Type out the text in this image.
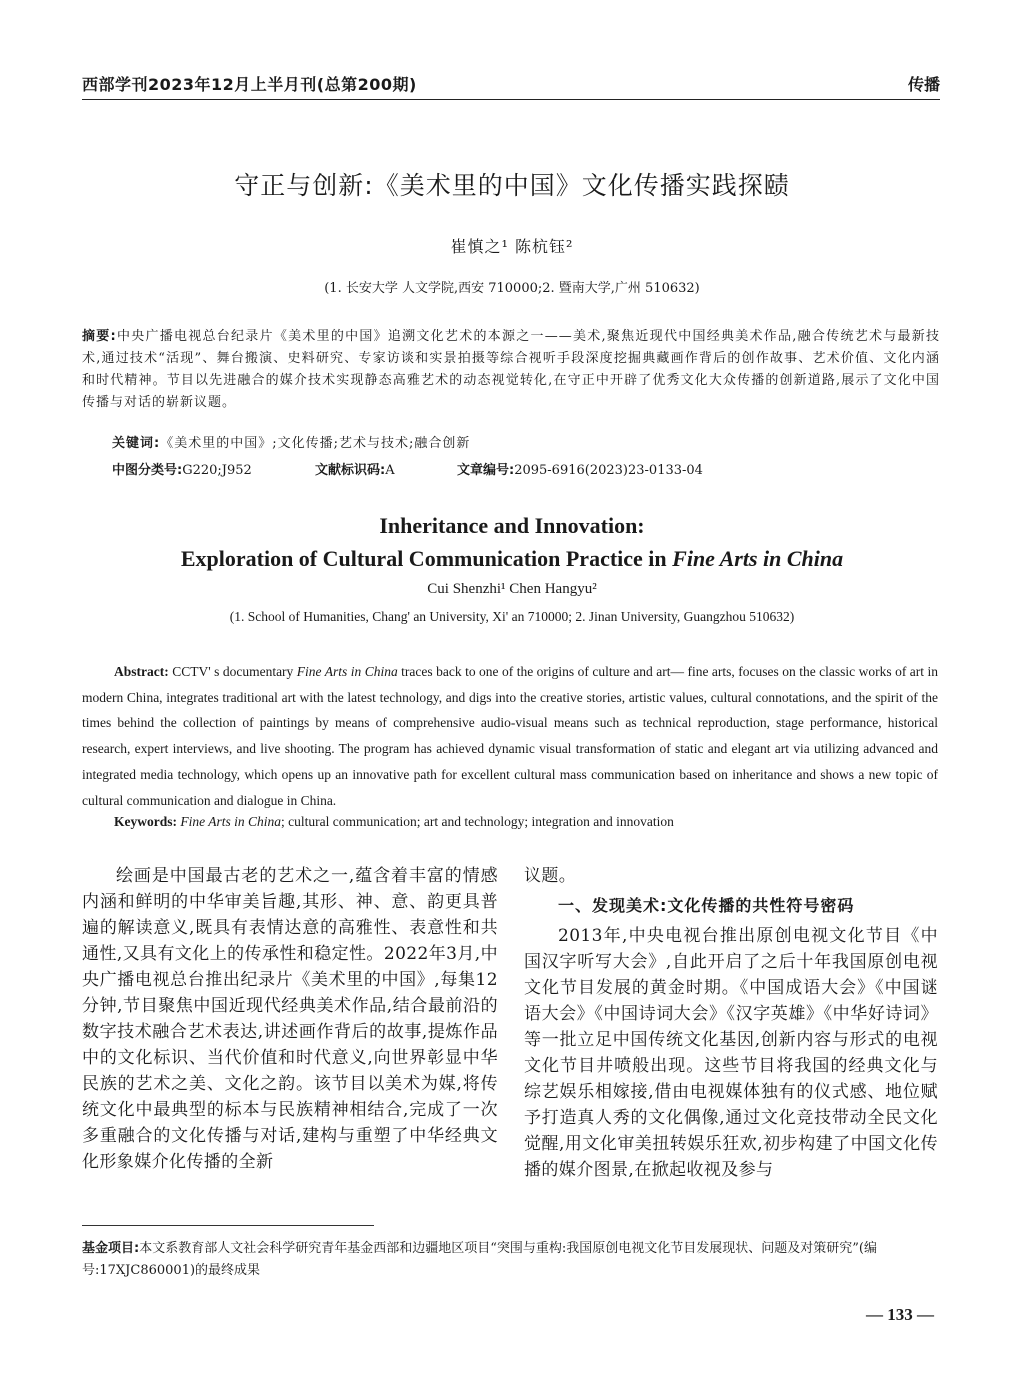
西部学刊2023年12月上半月刊(总第200期)	传播
守正与创新:《美术里的中国》文化传播实践探赜
崔慎之¹ 陈杭钰²
(1. 长安大学 人文学院,西安 710000;2. 暨南大学,广州 510632)
摘要:中央广播电视总台纪录片《美术里的中国》追溯文化艺术的本源之一——美术,聚焦近现代中国经典美术作品,融合传统艺术与最新技术,通过技术“活现”、舞台搬演、史料研究、专家访谈和实景拍摄等综合视听手段深度挖掘典藏画作背后的创作故事、艺术价值、文化内涵和时代精神。节目以先进融合的媒介技术实现静态高雅艺术的动态视觉转化,在守正中开辟了优秀文化大众传播的创新道路,展示了文化中国传播与对话的崭新议题。
关键词:《美术里的中国》;文化传播;艺术与技术;融合创新
中图分类号:G220;J952	文献标识码:A	文章编号:2095-6916(2023)23-0133-04
Inheritance and Innovation:
Exploration of Cultural Communication Practice in Fine Arts in China
Cui Shenzhi¹ Chen Hangyu²
(1. School of Humanities, Chang' an University, Xi' an 710000; 2. Jinan University, Guangzhou 510632)
Abstract: CCTV' s documentary Fine Arts in China traces back to one of the origins of culture and art— fine arts, focuses on the classic works of art in modern China, integrates traditional art with the latest technology, and digs into the creative stories, artistic values, cultural connotations, and the spirit of the times behind the collection of paintings by means of comprehensive audio-visual means such as technical reproduction, stage performance, historical research, expert interviews, and live shooting. The program has achieved dynamic visual transformation of static and elegant art via utilizing advanced and integrated media technology, which opens up an innovative path for excellent cultural mass communication based on inheritance and shows a new topic of cultural communication and dialogue in China.
Keywords: Fine Arts in China; cultural communication; art and technology; integration and innovation
绘画是中国最古老的艺术之一,蕴含着丰富的情感内涵和鲜明的中华审美旨趣,其形、神、意、韵更具普遍的解读意义,既具有表情达意的高雅性、表意性和共通性,又具有文化上的传承性和稳定性。2022年3月,中央广播电视总台推出纪录片《美术里的中国》,每集12分钟,节目聚焦中国近现代经典美术作品,结合最前沿的数字技术融合艺术表达,讲述画作背后的故事,提炼作品中的文化标识、当代价值和时代意义,向世界彰显中华民族的艺术之美、文化之韵。该节目以美术为媒,将传统文化中最典型的标本与民族精神相结合,完成了一次多重融合的文化传播与对话,建构与重塑了中华经典文化形象媒介化传播的全新
议题。
一、发现美术:文化传播的共性符号密码
2013年,中央电视台推出原创电视文化节目《中国汉字听写大会》,自此开启了之后十年我国原创电视文化节目发展的黄金时期。《中国成语大会》《中国谜语大会》《中国诗词大会》《汉字英雄》《中华好诗词》等一批立足中国传统文化基因,创新内容与形式的电视文化节目井喷般出现。这些节目将我国的经典文化与综艺娱乐相嫁接,借由电视媒体独有的仪式感、地位赋予打造真人秀的文化偶像,通过文化竞技带动全民文化觉醒,用文化审美扭转娱乐狂欢,初步构建了中国文化传播的媒介图景,在掀起收视及参与
基金项目:本文系教育部人文社会科学研究青年基金西部和边疆地区项目“突围与重构:我国原创电视文化节目发展现状、问题及对策研究”(编号:17XJC860001)的最终成果
— 133 —
